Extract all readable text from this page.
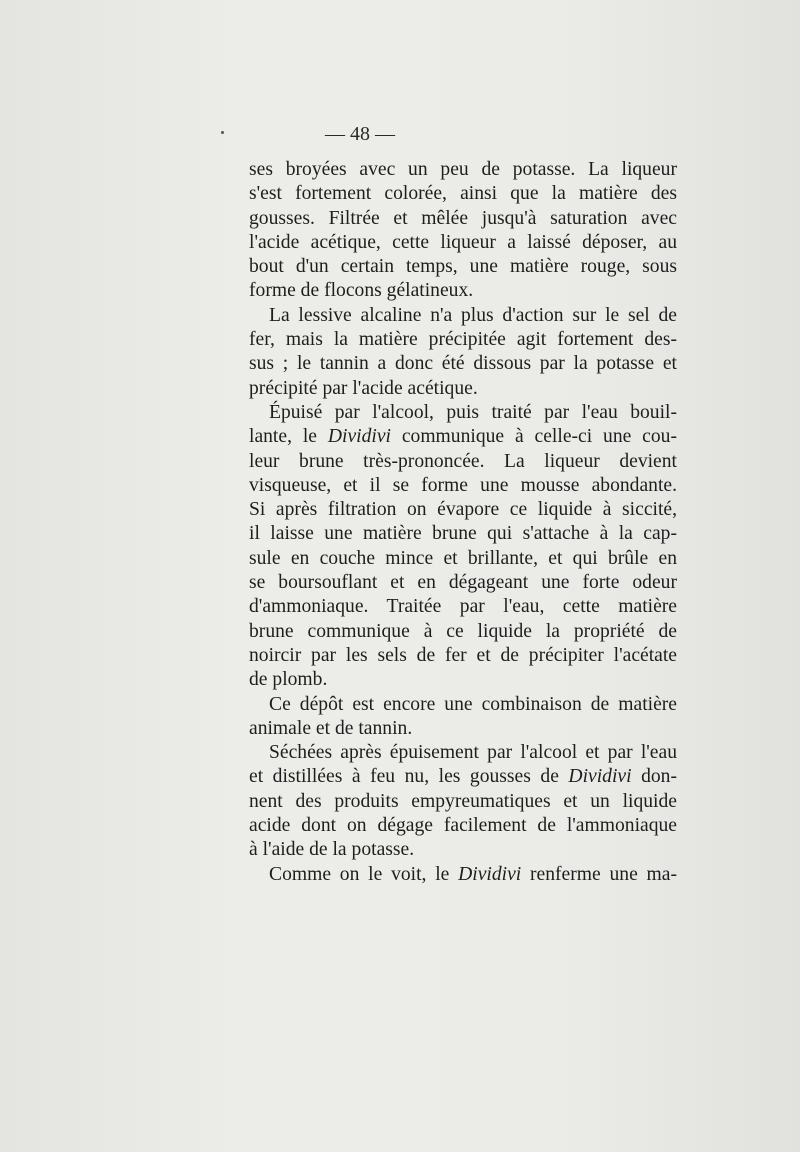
— 48 —
ses broyées avec un peu de potasse. La liqueur
s'est fortement colorée, ainsi que la matière des
gousses. Filtrée et mêlée jusqu'à saturation avec
l'acide acétique, cette liqueur a laissé déposer, au
bout d'un certain temps, une matière rouge, sous
forme de flocons gélatineux.
La lessive alcaline n'a plus d'action sur le sel de
fer, mais la matière précipitée agit fortement des-
sus ; le tannin a donc été dissous par la potasse et
précipité par l'acide acétique.
Épuisé par l'alcool, puis traité par l'eau bouil-
lante, le Dividivi communique à celle-ci une cou-
leur brune très-prononcée. La liqueur devient
visqueuse, et il se forme une mousse abondante.
Si après filtration on évapore ce liquide à siccité,
il laisse une matière brune qui s'attache à la cap-
sule en couche mince et brillante, et qui brûle en
se boursouflant et en dégageant une forte odeur
d'ammoniaque. Traitée par l'eau, cette matière
brune communique à ce liquide la propriété de
noircir par les sels de fer et de précipiter l'acétate
de plomb.
Ce dépôt est encore une combinaison de matière
animale et de tannin.
Séchées après épuisement par l'alcool et par l'eau
et distillées à feu nu, les gousses de Dividivi don-
nent des produits empyreumatiques et un liquide
acide dont on dégage facilement de l'ammoniaque
à l'aide de la potasse.
Comme on le voit, le Dividivi renferme une ma-
